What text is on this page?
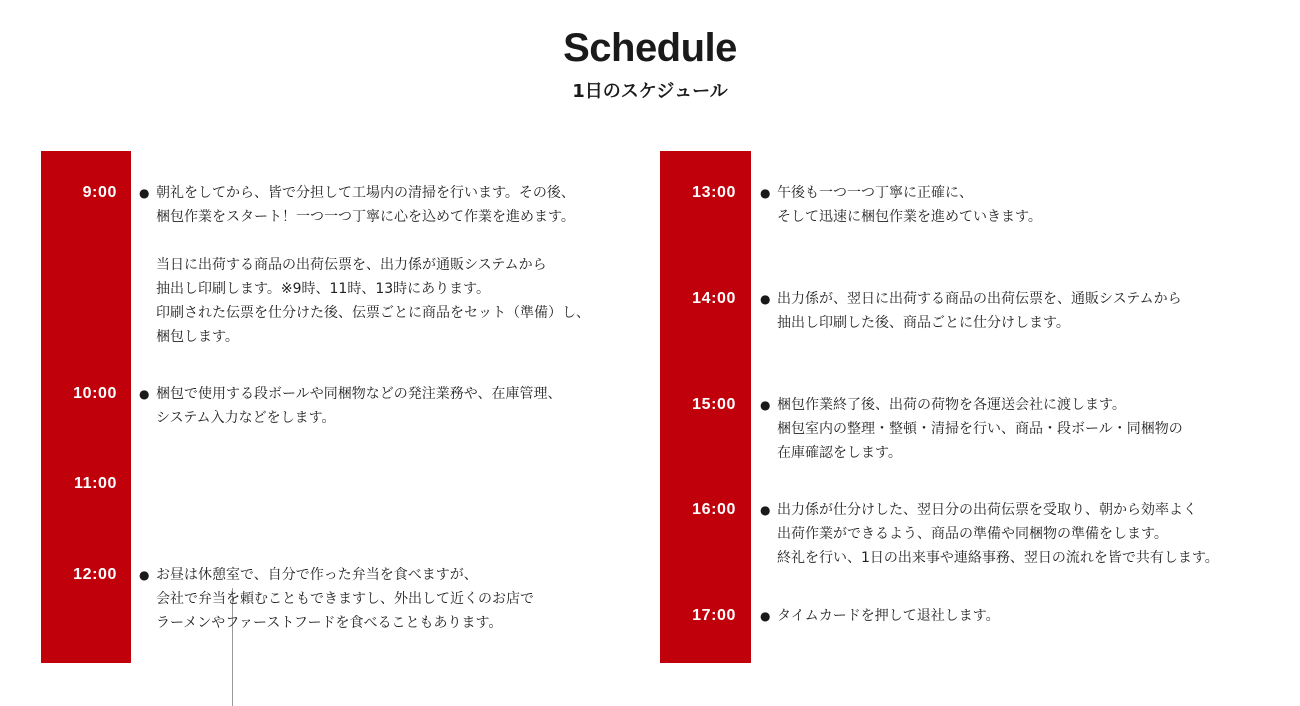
Schedule
1日のスケジュール
9:00 ● 朝礼をしてから、皆で分担して工場内の清掃を行います。その後、
梱包作業をスタート！一つ一つ丁寧に心を込めて作業を進めます。
当日に出荷する商品の出荷伝票を、出力係が通販システムから
抽出し印刷します。※9時、11時、13時にあります。
印刷された伝票を仕分けた後、伝票ごとに商品をセット（準備）し、
梱包します。
10:00 ● 梱包で使用する段ボールや同梱物などの発注業務や、在庫管理、
システム入力などをします。
11:00
12:00 ● お昼は休憩室で、自分で作った弁当を食べますが、
会社で弁当を頼むこともできますし、外出して近くのお店で
ラーメンやファーストフードを食べることもあります。
13:00 ● 午後も一つ一つ丁寧に正確に、
そして迅速に梱包作業を進めていきます。
14:00 ● 出力係が、翌日に出荷する商品の出荷伝票を、通販システムから
抽出し印刷した後、商品ごとに仕分けします。
15:00 ● 梱包作業終了後、出荷の荷物を各運送会社に渡します。
梱包室内の整理・整頓・清掃を行い、商品・段ボール・同梱物の
在庫確認をします。
16:00 ● 出力係が仕分けした、翌日分の出荷伝票を受取り、朝から効率よく
出荷作業ができるよう、商品の準備や同梱物の準備をします。
終礼を行い、1日の出来事や連絡事務、翌日の流れを皆で共有します。
17:00 ● タイムカードを押して退社します。
